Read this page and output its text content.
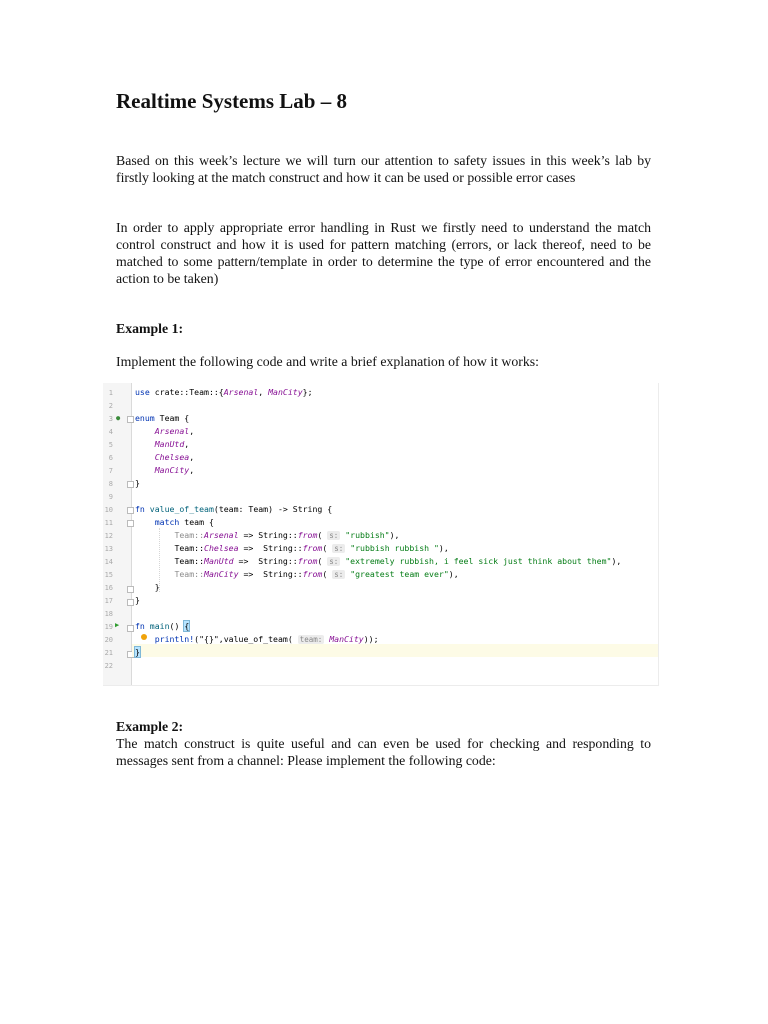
Realtime Systems Lab – 8

Based on this week’s lecture we will turn our attention to safety issues in this week’s lab by firstly looking at the match construct and how it can be used or possible error cases

In order to apply appropriate error handling in Rust we firstly need to understand the match control construct and how it is used for pattern matching (errors, or lack thereof, need to be matched to some pattern/template in order to determine the type of error encountered and the action to be taken)

Example 1:

Implement the following code and write a brief explanation of how it works:

1
2
3
4
5
6
7
8
9
10
11
12
13
14
15
16
17
18
19
20
21
22
●
▶
use crate::Team::{Arsenal, ManCity};
enum Team {
Arsenal,
ManUtd,
Chelsea,
ManCity,
}
fn value_of_team(team: Team) -> String {
match team {
Team::Arsenal => String::from( s: "rubbish"),
Team::Chelsea =>  String::from( s: "rubbish rubbish "),
Team::ManUtd =>  String::from( s: "extremely rubbish, i feel sick just think about them"),
Team::ManCity =>  String::from( s: "greatest team ever"),
}
}
fn main() {
println!("{}",value_of_team( team: ManCity));
}

Example 2:

The match construct is quite useful and can even be used for checking and responding to messages sent from a channel: Please implement the following code:
